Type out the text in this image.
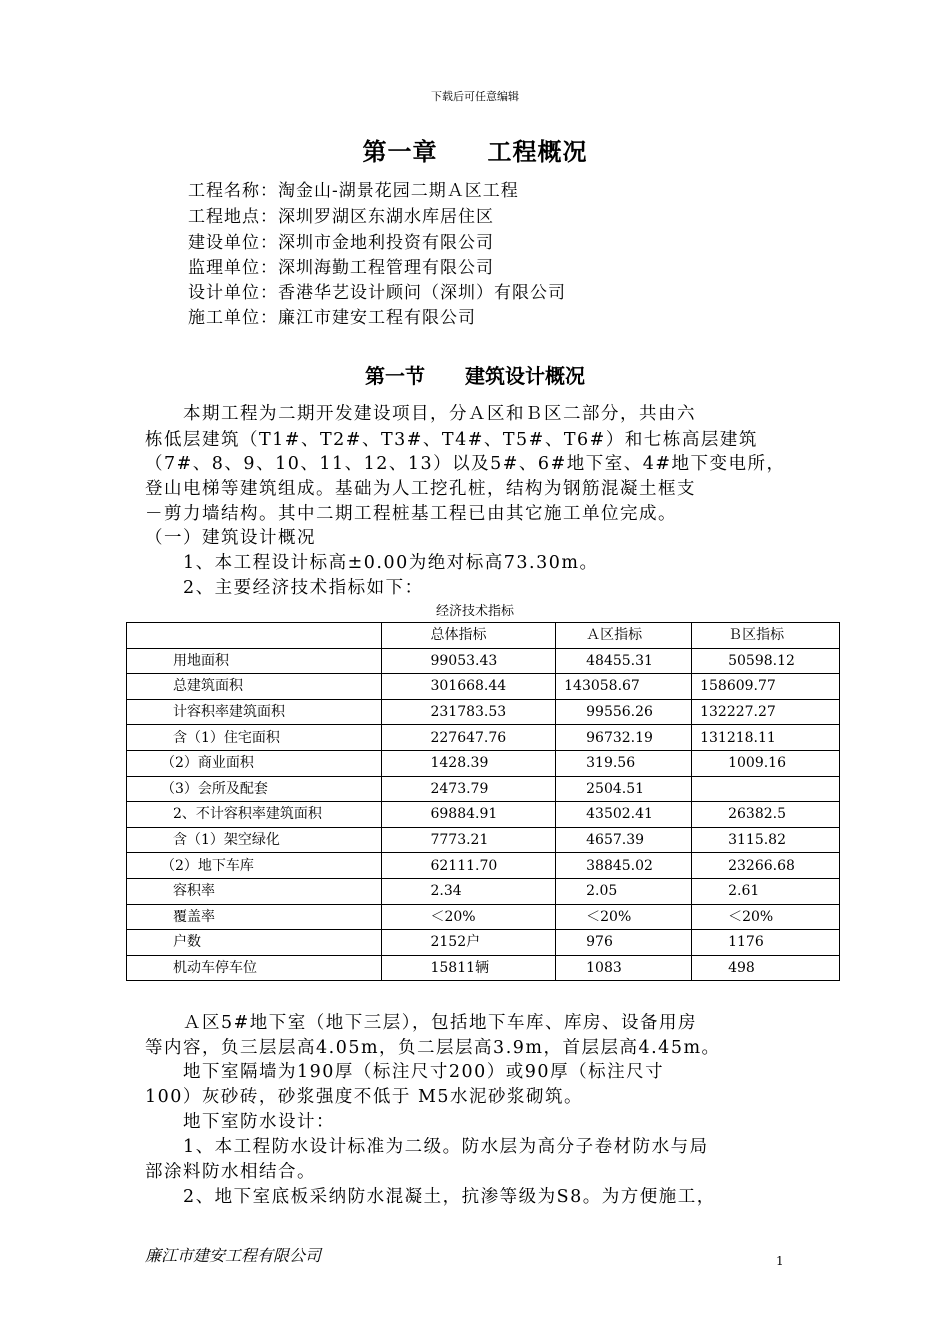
下载后可任意编辑
第一章　　工程概况
工程名称：淘金山-湖景花园二期Ａ区工程
工程地点：深圳罗湖区东湖水库居住区
建设单位：深圳市金地利投资有限公司
监理单位：深圳海勤工程管理有限公司
设计单位：香港华艺设计顾问（深圳）有限公司
施工单位：廉江市建安工程有限公司
第一节　　建筑设计概况
　　本期工程为二期开发建设项目，分Ａ区和Ｂ区二部分，共由六
栋低层建筑（T1#、T2#、T3#、T4#、T5#、T6#）和七栋高层建筑
（7#、8、9、10、11、12、13）以及5#、6#地下室、4#地下变电所，
登山电梯等建筑组成。基础为人工挖孔桩，结构为钢筋混凝土框支
－剪力墙结构。其中二期工程桩基工程已由其它施工单位完成。
（一）建筑设计概况
　　1、本工程设计标高±0.00为绝对标高73.30m。
　　2、主要经济技术指标如下：
经济技术指标
	总体指标	Ａ区指标	Ｂ区指标
用地面积	99053.43	48455.31	50598.12
总建筑面积	301668.44	143058.67	158609.77
计容积率建筑面积	231783.53	99556.26	132227.27
含（1）住宅面积	227647.76	96732.19	131218.11
（2）商业面积	1428.39	319.56	1009.16
（3）会所及配套	2473.79	2504.51	
2、不计容积率建筑面积	69884.91	43502.41	26382.5
含（1）架空绿化	7773.21	4657.39	3115.82
（2）地下车库	62111.70	38845.02	23266.68
容积率	2.34	2.05	2.61
覆盖率	＜20%	＜20%	＜20%
户数	2152户	976	1176
机动车停车位	15811辆	1083	498
　　Ａ区5#地下室（地下三层），包括地下车库、库房、设备用房
等内容，负三层层高4.05m，负二层层高3.9m，首层层高4.45m。
　　地下室隔墙为190厚（标注尺寸200）或90厚（标注尺寸
100）灰砂砖，砂浆强度不低于 M5水泥砂浆砌筑。
　　地下室防水设计：
　　1、本工程防水设计标准为二级。防水层为高分子卷材防水与局
部涂料防水相结合。
　　2、地下室底板采纳防水混凝土，抗渗等级为S8。为方便施工，
廉江市建安工程有限公司	1
